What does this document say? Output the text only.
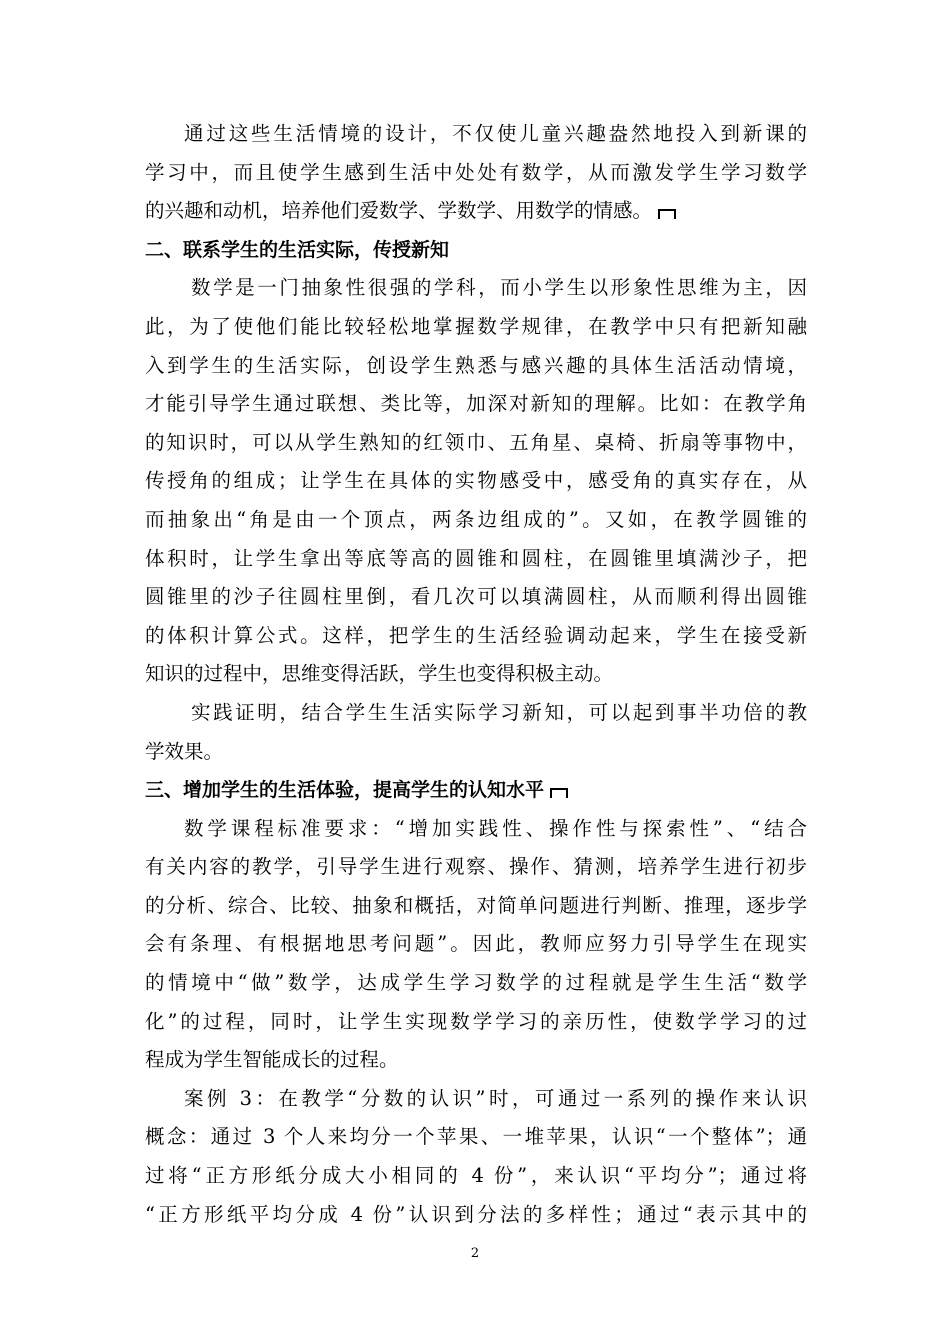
通过这些生活情境的设计，不仅使儿童兴趣盎然地投入到新课的
学习中，而且使学生感到生活中处处有数学，从而激发学生学习数学
的兴趣和动机，培养他们爱数学、学数学、用数学的情感。
二、联系学生的生活实际，传授新知
数学是一门抽象性很强的学科，而小学生以形象性思维为主，因
此，为了使他们能比较轻松地掌握数学规律，在教学中只有把新知融
入到学生的生活实际，创设学生熟悉与感兴趣的具体生活活动情境，
才能引导学生通过联想、类比等，加深对新知的理解。比如：在教学角
的知识时，可以从学生熟知的红领巾、五角星、桌椅、折扇等事物中，
传授角的组成；让学生在具体的实物感受中，感受角的真实存在，从
而抽象出“角是由一个顶点，两条边组成的”。又如，在教学圆锥的
体积时，让学生拿出等底等高的圆锥和圆柱，在圆锥里填满沙子，把
圆锥里的沙子往圆柱里倒，看几次可以填满圆柱，从而顺利得出圆锥
的体积计算公式。这样，把学生的生活经验调动起来，学生在接受新
知识的过程中，思维变得活跃，学生也变得积极主动。
实践证明，结合学生生活实际学习新知，可以起到事半功倍的教
学效果。
三、增加学生的生活体验，提高学生的认知水平
数学课程标准要求：“增加实践性、操作性与探索性”、“结合
有关内容的教学，引导学生进行观察、操作、猜测，培养学生进行初步
的分析、综合、比较、抽象和概括，对简单问题进行判断、推理，逐步学
会有条理、有根据地思考问题”。因此，教师应努力引导学生在现实
的情境中“做”数学，达成学生学习数学的过程就是学生生活“数学
化”的过程，同时，让学生实现数学学习的亲历性，使数学学习的过
程成为学生智能成长的过程。
案例 3：在教学“分数的认识”时，可通过一系列的操作来认识
概念：通过 3 个人来均分一个苹果、一堆苹果，认识“一个整体”；通
过将“正方形纸分成大小相同的 4 份”，来认识“平均分”；通过将
“正方形纸平均分成 4 份”认识到分法的多样性；通过“表示其中的
2
